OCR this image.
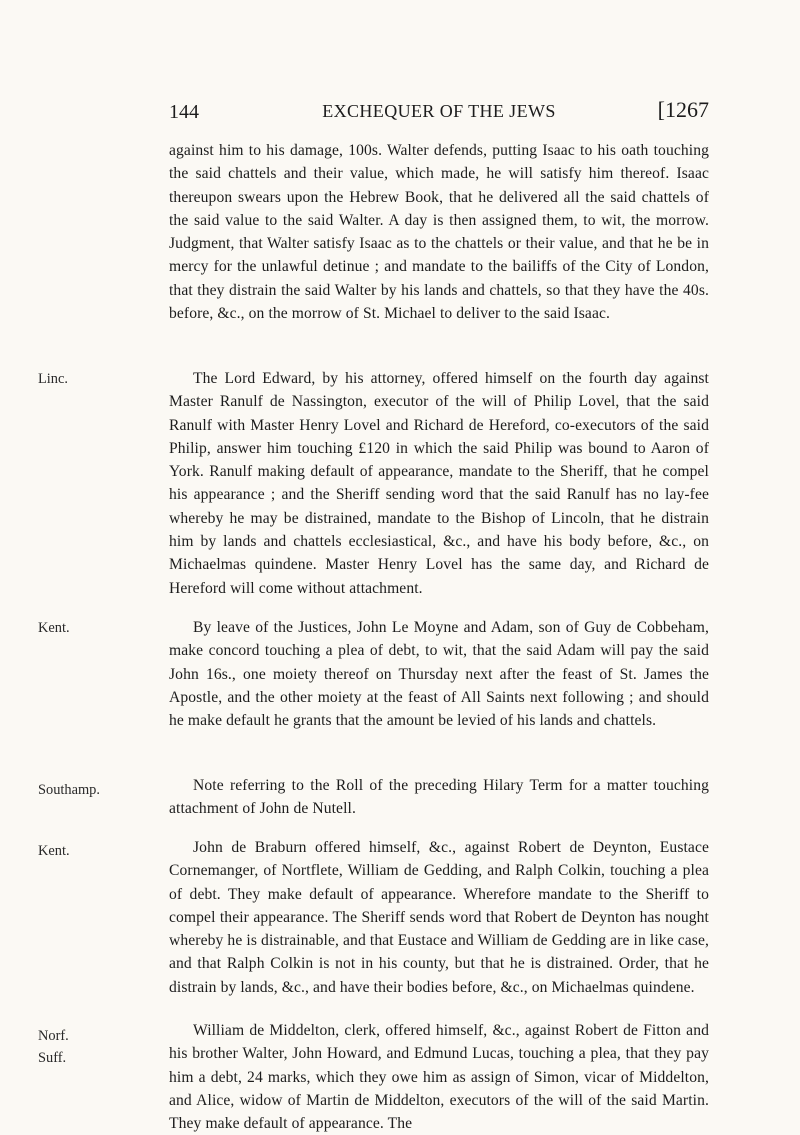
144	EXCHEQUER OF THE JEWS	[1267

against him to his damage, 100s. Walter defends, putting Isaac to his oath touching the said chattels and their value, which made, he will satisfy him thereof. Isaac thereupon swears upon the Hebrew Book, that he delivered all the said chattels of the said value to the said Walter. A day is then assigned them, to wit, the morrow. Judgment, that Walter satisfy Isaac as to the chattels or their value, and that he be in mercy for the unlawful detinue ; and mandate to the bailiffs of the City of London, that they distrain the said Walter by his lands and chattels, so that they have the 40s. before, &c., on the morrow of St. Michael to deliver to the said Isaac.

Linc.	The Lord Edward, by his attorney, offered himself on the fourth day against Master Ranulf de Nassington, executor of the will of Philip Lovel, that the said Ranulf with Master Henry Lovel and Richard de Hereford, co-executors of the said Philip, answer him touching £120 in which the said Philip was bound to Aaron of York. Ranulf making default of appearance, mandate to the Sheriff, that he compel his appearance ; and the Sheriff sending word that the said Ranulf has no lay-fee whereby he may be distrained, mandate to the Bishop of Lincoln, that he distrain him by lands and chattels ecclesiastical, &c., and have his body before, &c., on Michaelmas quindene. Master Henry Lovel has the same day, and Richard de Hereford will come without attachment.

Kent.	By leave of the Justices, John Le Moyne and Adam, son of Guy de Cobbeham, make concord touching a plea of debt, to wit, that the said Adam will pay the said John 16s., one moiety thereof on Thursday next after the feast of St. James the Apostle, and the other moiety at the feast of All Saints next following ; and should he make default he grants that the amount be levied of his lands and chattels.

Southamp.	Note referring to the Roll of the preceding Hilary Term for a matter touching attachment of John de Nutell.

Kent.	John de Braburn offered himself, &c., against Robert de Deynton, Eustace Cornemanger, of Nortflete, William de Gedding, and Ralph Colkin, touching a plea of debt. They make default of appearance. Wherefore mandate to the Sheriff to compel their appearance. The Sheriff sends word that Robert de Deynton has nought whereby he is distrainable, and that Eustace and William de Gedding are in like case, and that Ralph Colkin is not in his county, but that he is distrained. Order, that he distrain by lands, &c., and have their bodies before, &c., on Michaelmas quindene.

Norf.
Suff.

William de Middelton, clerk, offered himself, &c., against Robert de Fitton and his brother Walter, John Howard, and Edmund Lucas, touching a plea, that they pay him a debt, 24 marks, which they owe him as assign of Simon, vicar of Middelton, and Alice, widow of Martin de Middelton, executors of the will of the said Martin. They make default of appearance. The
